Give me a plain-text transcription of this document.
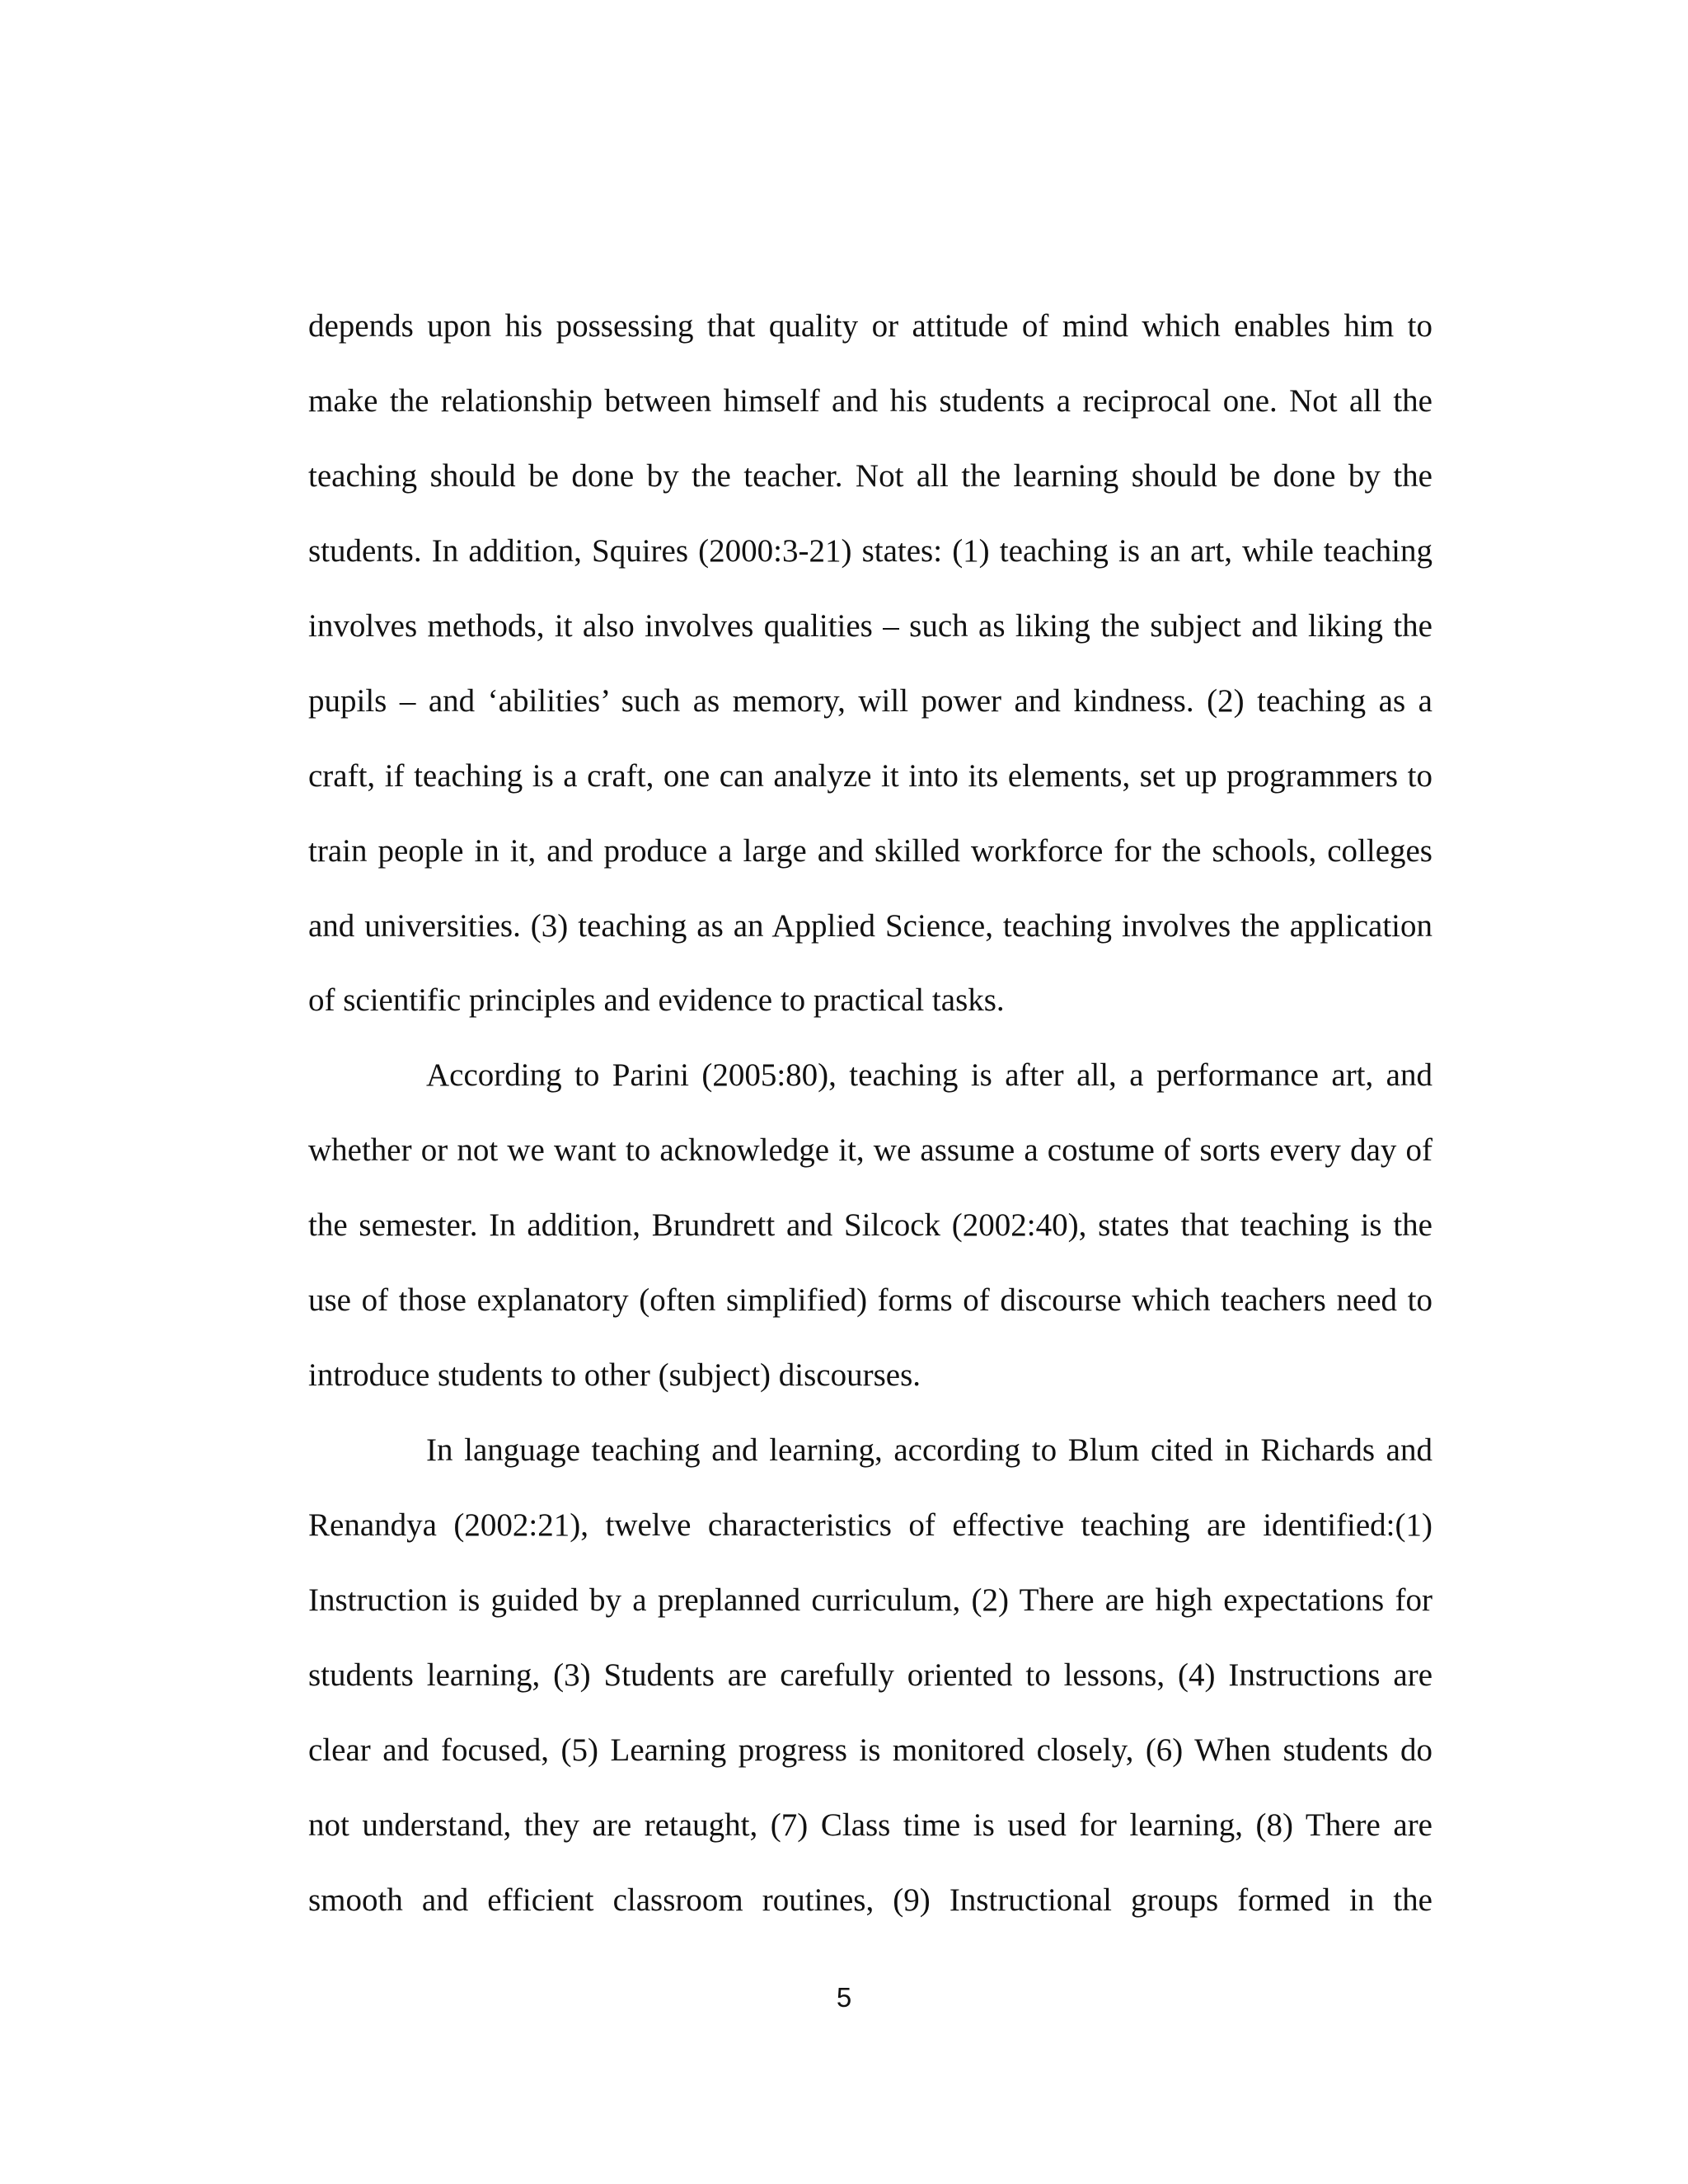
depends upon his possessing that quality or attitude of mind which enables him to
make the relationship between himself and his students a reciprocal one. Not all the
teaching should be done by the teacher. Not all the learning should be done by the
students. In addition, Squires (2000:3-21) states: (1) teaching is an art, while teaching
involves methods, it also involves qualities – such as liking the subject and liking the
pupils – and ‘abilities’ such as memory, will power and kindness. (2) teaching as a
craft, if teaching is a craft, one can analyze it into its elements, set up programmers to
train people in it, and produce a large and skilled workforce for the schools, colleges
and universities. (3) teaching as an Applied Science, teaching involves the application
of scientific principles and evidence to practical tasks.
According to Parini (2005:80), teaching is after all, a performance art, and
whether or not we want to acknowledge it, we assume a costume of sorts every day of
the semester. In addition, Brundrett and Silcock (2002:40), states that teaching is the
use of those explanatory (often simplified) forms of discourse which teachers need to
introduce students to other (subject) discourses.
In language teaching and learning, according to Blum cited in Richards and
Renandya (2002:21), twelve characteristics of effective teaching are identified:(1)
Instruction is guided by a preplanned curriculum, (2) There are high expectations for
students learning, (3) Students are carefully oriented to lessons, (4) Instructions are
clear and focused, (5) Learning progress is monitored closely, (6) When students do
not understand, they are retaught, (7) Class time is used for learning, (8) There are
smooth and efficient classroom routines, (9) Instructional groups formed in the
5
